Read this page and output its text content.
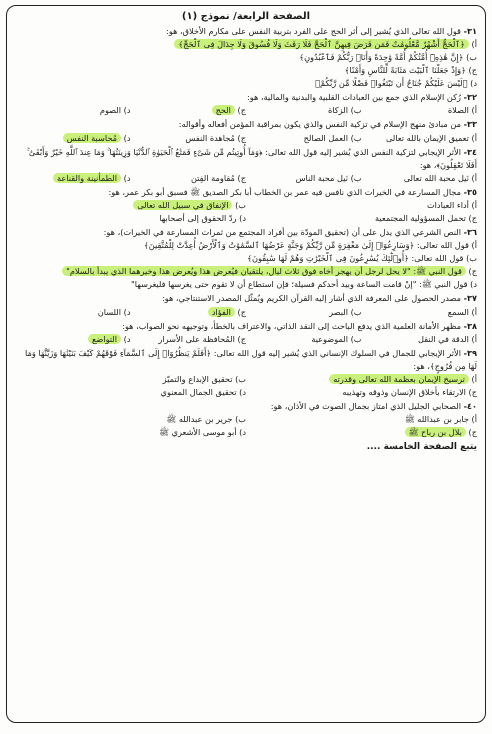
الصفحة الرابعة/ نموذج (١)
٣١- قول الله تعالى الذي يُشير إلى أثر الحج على الفرد بتربية النفس على مكارم الأخلاق، هو:
أ) ﴿ٱلْحَجُّ أَشْهُرٌ مَّعْلُومَٰتٌ فَمَن فَرَضَ فِيهِنَّ ٱلْحَجَّ فَلَا رَفَثَ وَلَا فُسُوقَ وَلَا جِدَالَ فِى ٱلْحَجِّ﴾
ب) ﴿إِنَّ هَٰذِهِۦٓ أُمَّتُكُمْ أُمَّةً وَٰحِدَةً وَأَنَا۠ رَبُّكُمْ فَٱعْبُدُونِ﴾
ج) ﴿وَإِذْ جَعَلْنَا ٱلْبَيْتَ مَثَابَةً لِّلنَّاسِ وَأَمْنًا﴾
د) ﴿لَيْسَ عَلَيْكُمْ جُنَاحٌ أَن تَبْتَغُوا۟ فَضْلًا مِّن رَّبِّكُمْ﴾
٣٢- رُكن الإسلام الذي جمع بين العبادات القلبية والبدنية والمالية، هو:
أ) الصلاة
ب) الزكاة
ج) الحج
د) الصوم
٣٣- من مبادئ منهج الإسلام في تزكية النفس والذي يكون بمراقبة المؤمن أفعاله وأقواله:
أ) تعميق الإيمان بالله تعالى
ب) العمل الصالح
ج) مُجاهدة النفس
د) مُحاسبة النفس
٣٤- الأثر الإيجابي لتزكية النفس الذي يُشير إليه قول الله تعالى: ﴿وَمَآ أُوتِيتُم مِّن شَىْءٍ فَمَتَٰعُ ٱلْحَيَوٰةِ ٱلدُّنْيَا وَزِينَتُهَا ۚ وَمَا عِندَ ٱللَّهِ خَيْرٌ وَأَبْقَىٰٓ ۚ أَفَلَا تَعْقِلُونَ﴾، هو:
أ) نَيل محبة الله تعالى
ب) نَيل محبة الناس
ج) مُقاومة الفِتن
د) الطمأنينة والقناعة
٣٥- مجال المسارعة في الخيرات الذي نافس فيه عمر بن الخطاب أبا بكر الصديق ﷺ فسبق أبو بكر عمر، هو:
أ) أداء العبادات
ب) الإنفاق في سبيل الله تعالى
ج) تحمل المسؤولية المجتمعية
د) ردّ الحقوق إلى أصحابها
٣٦- النص الشرعي الذي يدل على أن (تحقيق المودّة بين أفراد المجتمع من ثمرات المسارعة في الخيرات)، هو:
أ) قول الله تعالى: ﴿وَسَارِعُوٓا۟ إِلَىٰ مَغْفِرَةٍ مِّن رَّبِّكُمْ وَجَنَّةٍ عَرْضُهَا ٱلسَّمَٰوَٰتُ وَٱلْأَرْضُ أُعِدَّتْ لِلْمُتَّقِينَ﴾
ب) قول الله تعالى: ﴿أُو۟لَٰٓئِكَ يُسَٰرِعُونَ فِى ٱلْخَيْرَٰتِ وَهُمْ لَهَا سَٰبِقُونَ﴾
ج) قول النبي ﷺ: "لا يحل لرجل أن يهجر أخاه فوق ثلاث ليال، يلتقيان فيُعرض هذا ويُعرض هذا وخيرهما الذي يبدأ بالسلام"
د) قول النبي ﷺ: "إنْ قامت الساعة وبيد أحدكم فسيلة؛ فإن استطاع أن لا تقوم حتى يغرسها فليغرسها"
٣٧- مصدر الحصول على المعرفة الذي أشار إليه القرآن الكريم ويُمثّل المصدر الاستنتاجي، هو:
أ) السمع
ب) البصر
ج) الفؤاد
د) اللسان
٣٨- مظهر الأمانة العلمية الذي يدفع الباحث إلى النقد الذاتي، والاعتراف بالخطأ، وتوجيهه نحو الصواب، هو:
أ) الدقة في النقل
ب) الموضوعية
ج) المُحافظة على الأسرار
د) التواضع
٣٩- الأثر الإيجابي للجمال في السلوك الإنساني الذي يُشير إليه قول الله تعالى: ﴿أَفَلَمْ يَنظُرُوٓا۟ إِلَى ٱلسَّمَآءِ فَوْقَهُمْ كَيْفَ بَنَيْنَٰهَا وَزَيَّنَّٰهَا وَمَا لَهَا مِن فُرُوجٍ﴾، هو:
أ) ترسيخ الإيمان بعظمة الله تعالى وقدرته
ب) تحقيق الإبداع والتميّز
ج) الارتقاء بأخلاق الإنسان وذوقه وتهذيبه
د) تحقيق الجمال المعنوي
٤٠- الصحابي الجليل الذي امتاز بجمال الصوت في الأذان، هو:
أ) جابر بن عبدالله ﷺ
ب) جرير بن عبدالله ﷺ
ج) بلال بن رباح ﷺ
د) أبو موسى الأشعري ﷺ
يتبع الصفحة الخامسة ....
